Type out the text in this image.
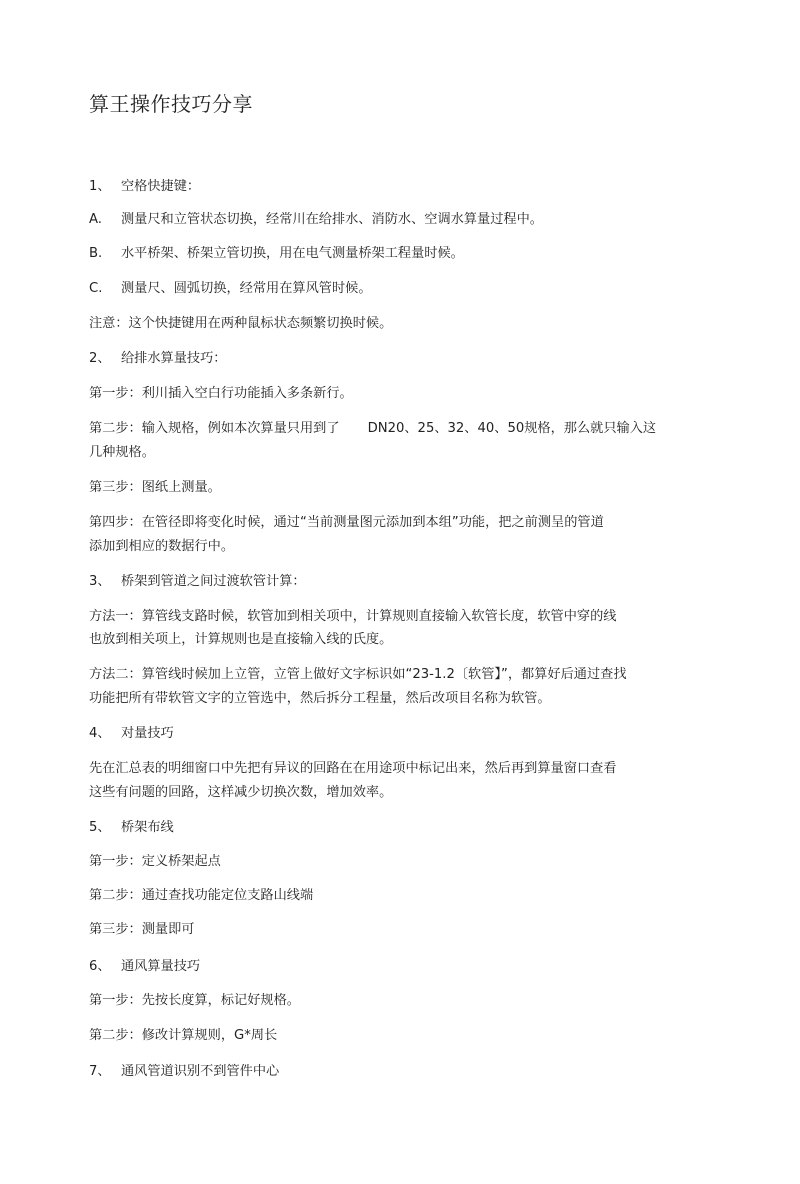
算王操作技巧分享
1、 空格快捷键：
A. 测量尺和立管状态切换，经常川在给排水、消防水、空调水算量过程中。
B. 水平桥架、桥架立管切换，用在电气测量桥架工程量时候。
C. 测量尺、圆弧切换，经常用在算风管时候。
注意：这个快捷键用在两种鼠标状态频繁切换时候。
2、 给排水算量技巧：
第一步：利川插入空白行功能插入多条新行。
第二步：输入规格，例如本次算量只用到了 DN20、25、32、40、50规格，那么就只输入这
几种规格。
第三步：图纸上测量。
第四步：在管径即将变化时候，通过“当前测量图元添加到本组”功能，把之前测呈的管道
添加到相应的数据行中。
3、 桥架到管道之间过渡软管计算：
方法一：算管线支路时候，软管加到相关项中，计算规则直接输入软管长度，软管中穿的线
也放到相关项上，计算规则也是直接输入线的氏度。
方法二：算管线时候加上立管，立管上做好文字标识如“23-1.2〔软管】”，都算好后通过查找
功能把所有带软管文字的立管选中，然后拆分工程量，然后改项目名称为软管。
4、 对量技巧
先在汇总表的明细窗口中先把有异议的回路在在用途项中标记出来，然后再到算量窗口查看
这些有问题的回路，这样减少切换次数，增加效率。
5、 桥架布线
第一步：定义桥架起点
第二步：通过查找功能定位支路山线端
第三步：测量即可
6、 通风算量技巧
第一步：先按长度算，标记好规格。
第二步：修改计算规则，G*周长
7、 通风管道识别不到管件中心
